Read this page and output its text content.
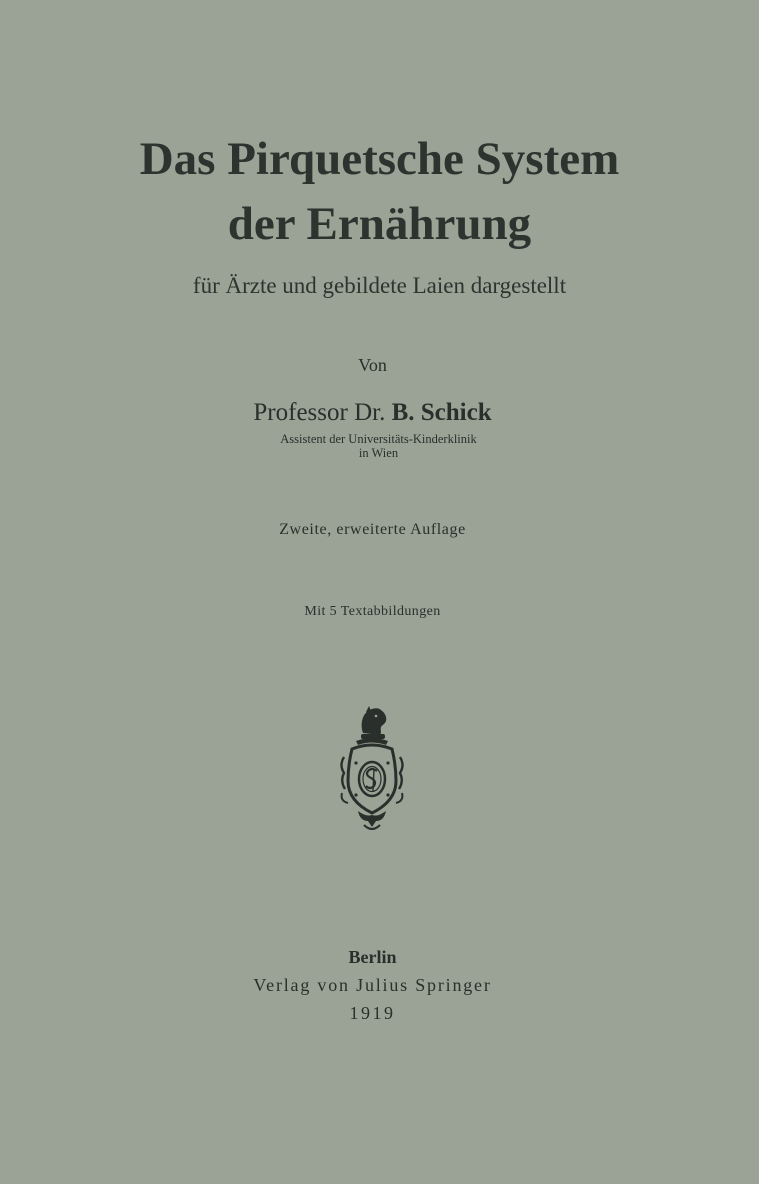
Das Pirquetsche System
der Ernährung
für Ärzte und gebildete Laien dargestellt
Von
Professor Dr. B. Schick
Assistent der Universitäts-Kinderklinik
in Wien
Zweite, erweiterte Auflage
Mit 5 Textabbildungen
Berlin
Verlag von Julius Springer
1919
